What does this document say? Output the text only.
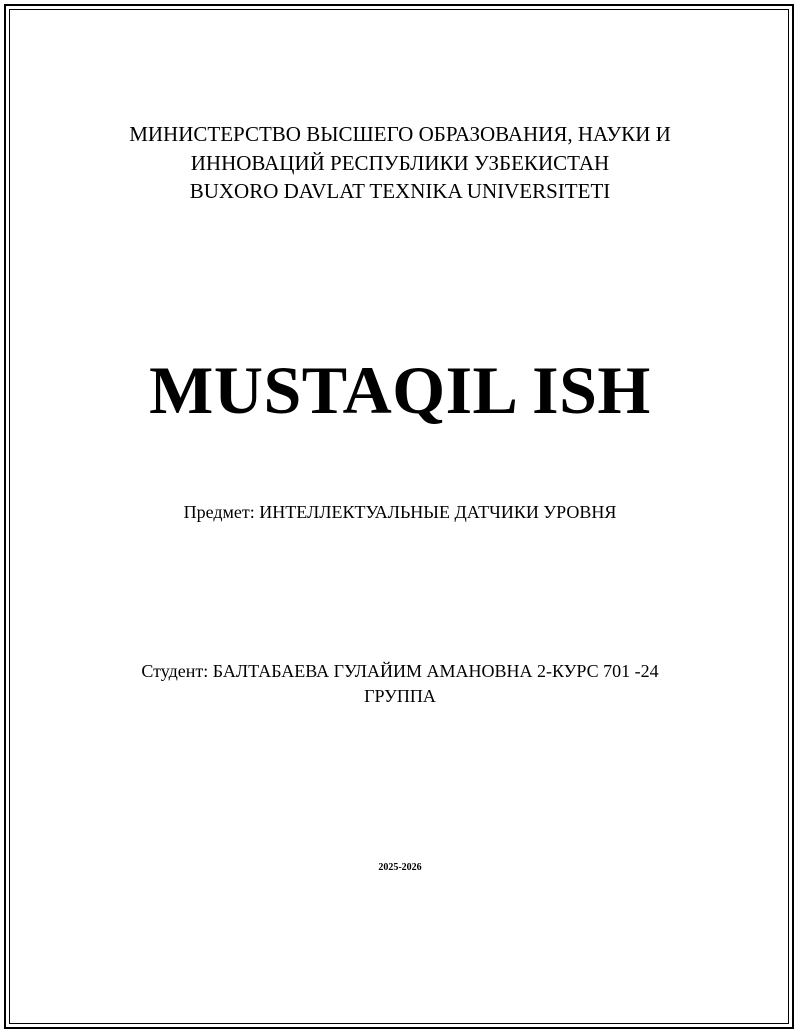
МИНИСТЕРСТВО ВЫСШЕГО ОБРАЗОВАНИЯ, НАУКИ И
ИННОВАЦИЙ РЕСПУБЛИКИ УЗБЕКИСТАН
BUXORO DAVLAT TEXNIKA UNIVERSITETI
MUSTAQIL ISH
Предмет: ИНТЕЛЛЕКТУАЛЬНЫЕ ДАТЧИКИ УРОВНЯ
Студент: БАЛТАБАЕВА ГУЛАЙИМ АМАНОВНА 2-КУРС 701 -24
ГРУППА
2025-2026
